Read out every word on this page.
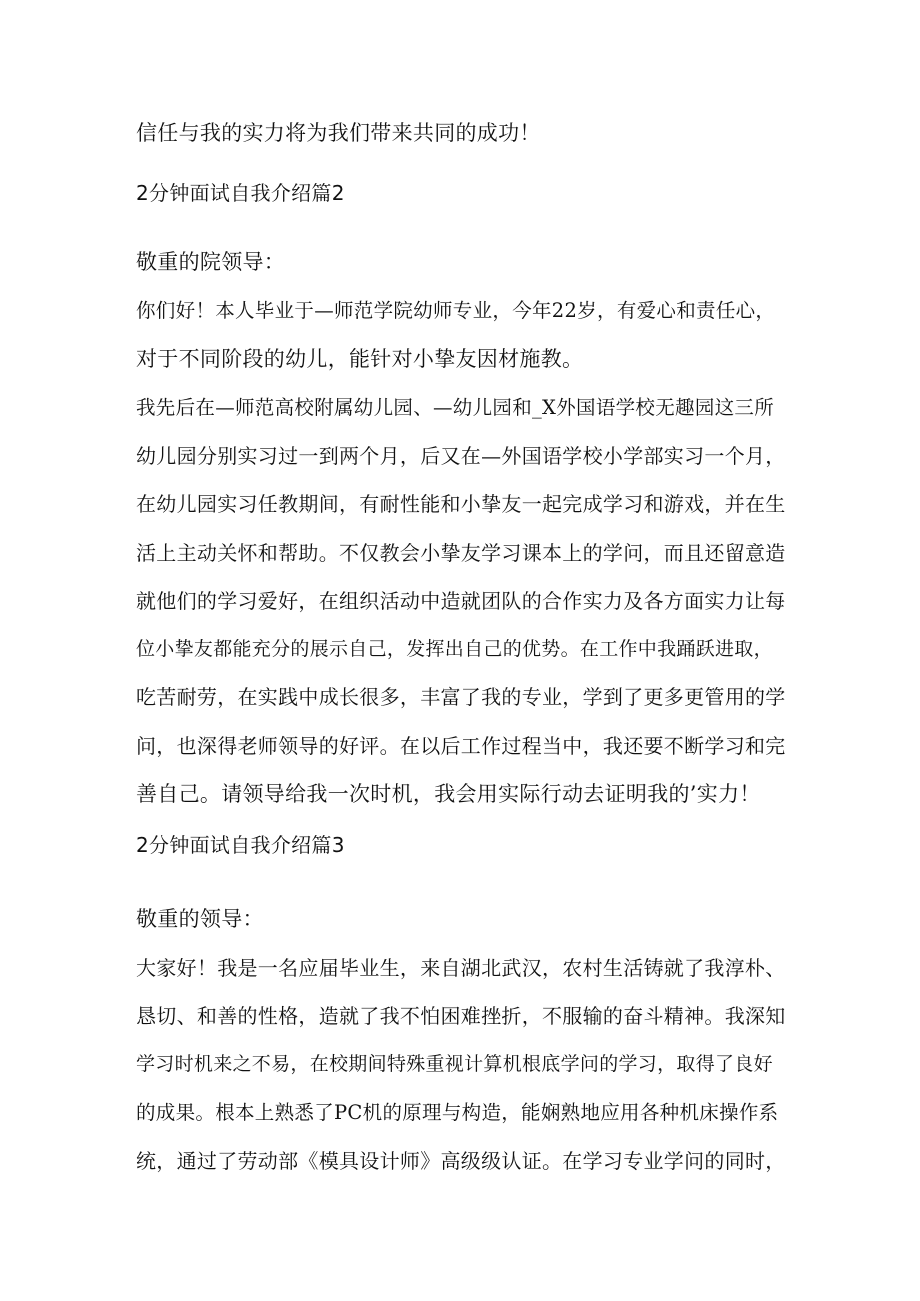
信任与我的实力将为我们带来共同的成功！
2分钟面试自我介绍篇2
敬重的院领导：
你们好！本人毕业于—师范学院幼师专业，今年22岁，有爱心和责任心，
对于不同阶段的幼儿，能针对小挚友因材施教。
我先后在—师范高校附属幼儿园、—幼儿园和_X外国语学校无趣园这三所
幼儿园分别实习过一到两个月，后又在—外国语学校小学部实习一个月，
在幼儿园实习任教期间，有耐性能和小挚友一起完成学习和游戏，并在生
活上主动关怀和帮助。不仅教会小挚友学习课本上的学问，而且还留意造
就他们的学习爱好，在组织活动中造就团队的合作实力及各方面实力让每
位小挚友都能充分的展示自己，发挥出自己的优势。在工作中我踊跃进取，
吃苦耐劳，在实践中成长很多，丰富了我的专业，学到了更多更管用的学
问，也深得老师领导的好评。在以后工作过程当中，我还要不断学习和完
善自己。请领导给我一次时机，我会用实际行动去证明我的’实力！
2分钟面试自我介绍篇3
敬重的领导：
大家好！我是一名应届毕业生，来自湖北武汉，农村生活铸就了我淳朴、
恳切、和善的性格，造就了我不怕困难挫折，不服输的奋斗精神。我深知
学习时机来之不易，在校期间特殊重视计算机根底学问的学习，取得了良好
的成果。根本上熟悉了PC机的原理与构造，能娴熟地应用各种机床操作系
统，通过了劳动部《模具设计师》高级级认证。在学习专业学问的同时，
